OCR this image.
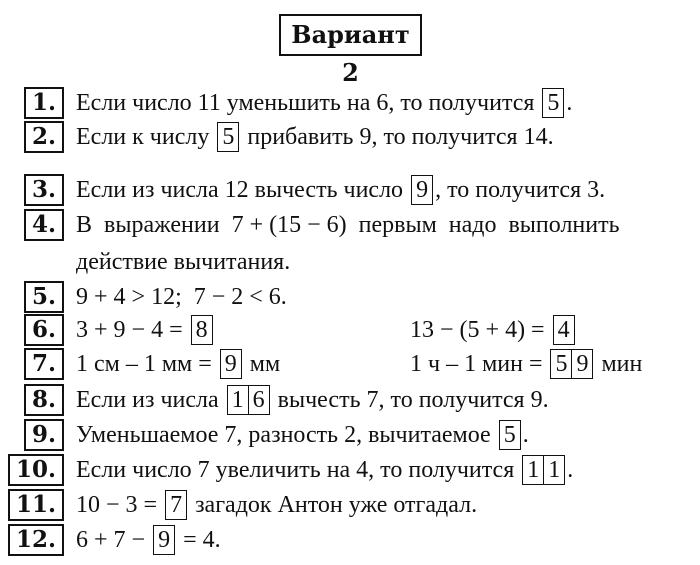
Вариант 2
1. Если число 11 уменьшить на 6, то получится 5 .
2. Если к числу 5 прибавить 9, то получится 14.
3. Если из числа 12 вычесть число 9 , то получится 3.
4. В  выражении  7 + (15 − 6)  первым  надо  выполнить
действие вычитания.
5. 9 + 4 > 12;  7 − 2 < 6.
6. 3 + 9 − 4 = 8	13 − (5 + 4) = 4
7. 1 см – 1 мм = 9 мм	1 ч – 1 мин = 5 9 мин
8. Если из числа 1 6 вычесть 7, то получится 9.
9. Уменьшаемое 7, разность 2, вычитаемое 5 .
10. Если число 7 увеличить на 4, то получится 1 1 .
11. 10 − 3 = 7 загадок Антон уже отгадал.
12. 6 + 7 − 9 = 4.
